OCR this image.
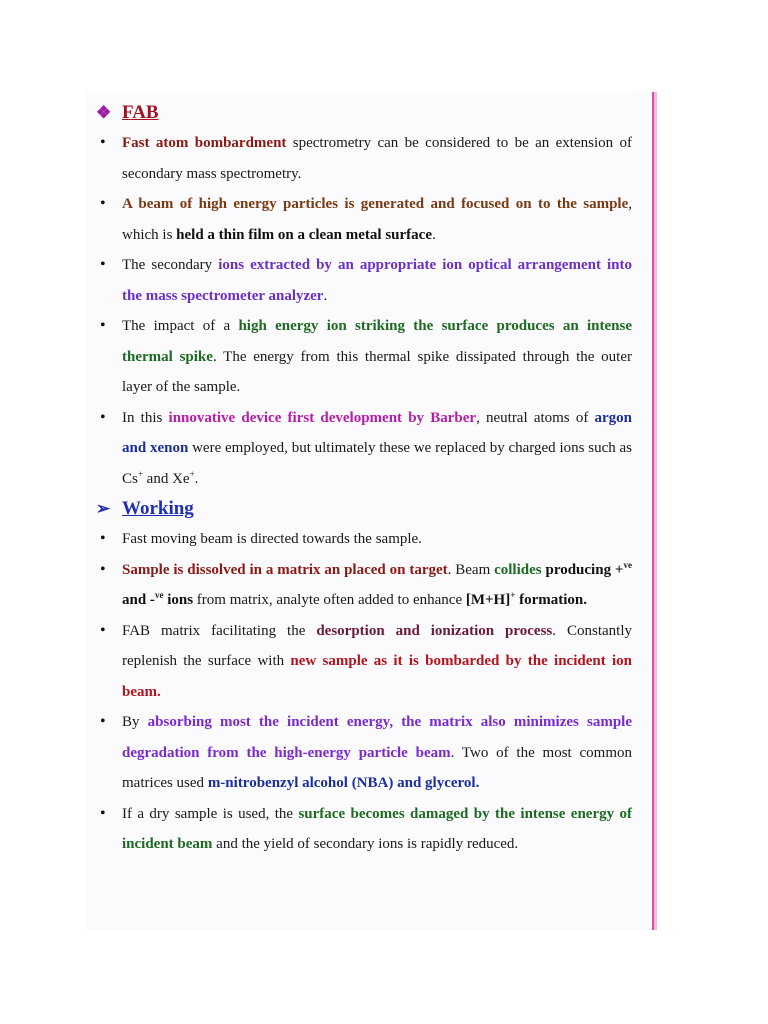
❖ FAB
• Fast atom bombardment spectrometry can be considered to be an extension of secondary mass spectrometry.
• A beam of high energy particles is generated and focused on to the sample, which is held a thin film on a clean metal surface.
• The secondary ions extracted by an appropriate ion optical arrangement into the mass spectrometer analyzer.
• The impact of a high energy ion striking the surface produces an intense thermal spike. The energy from this thermal spike dissipated through the outer layer of the sample.
• In this innovative device first development by Barber, neutral atoms of argon and xenon were employed, but ultimately these we replaced by charged ions such as Cs+ and Xe+.
➢ Working
• Fast moving beam is directed towards the sample.
• Sample is dissolved in a matrix an placed on target. Beam collides producing +$^{ve}$ and -$^{ve}$ ions from matrix, analyte often added to enhance [M+H]+ formation.
• FAB matrix facilitating the desorption and ionization process. Constantly replenish the surface with new sample as it is bombarded by the incident ion beam.
• By absorbing most the incident energy, the matrix also minimizes sample degradation from the high-energy particle beam. Two of the most common matrices used m-nitrobenzyl alcohol (NBA) and glycerol.
• If a dry sample is used, the surface becomes damaged by the intense energy of incident beam and the yield of secondary ions is rapidly reduced.
